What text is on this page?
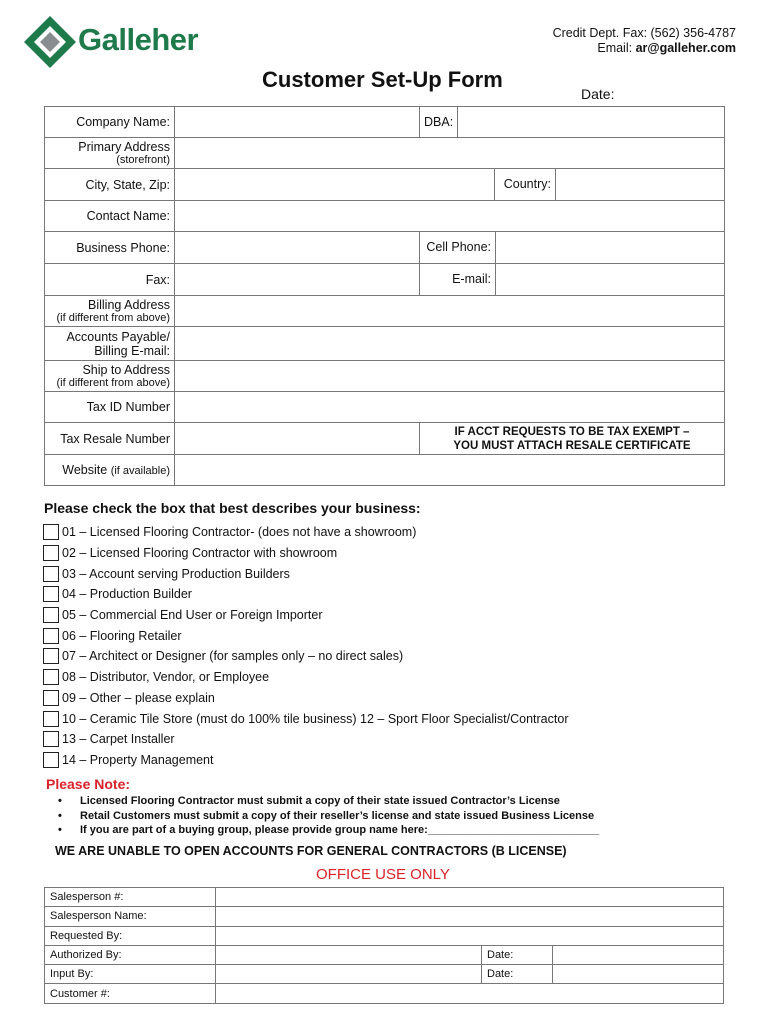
Galleher	Credit Dept. Fax: (562) 356-4787
Email: ar@galleher.com
Customer Set-Up Form
Date:
Company Name:		DBA:	
Primary Address
(storefront)			

City, State, Zip:	Country:		

Contact Name:			
Business Phone:	Cell Phone:		

Fax:	E-mail:		

Billing Address
(if different from above)			

Accounts Payable/
Billing E-mail:			
Ship to Address
(if different from above)			

Tax ID Number			
Tax Resale Number	IF ACCT REQUESTS TO BE TAX EXEMPT –
YOU MUST ATTACH RESALE CERTIFICATE		

Website (if available)			
Please check the box that best describes your business:
01 – Licensed Flooring Contractor- (does not have a showroom)
02 – Licensed Flooring Contractor with showroom
03 – Account serving Production Builders
04 – Production Builder
05 – Commercial End User or Foreign Importer
06 – Flooring Retailer
07 – Architect or Designer (for samples only – no direct sales)
08 – Distributor, Vendor, or Employee
09 – Other – please explain
10 – Ceramic Tile Store (must do 100% tile business) 12 – Sport Floor Specialist/Contractor
13 – Carpet Installer
14 – Property Management
Please Note:
•	Licensed Flooring Contractor must submit a copy of their state issued Contractor’s License
•	Retail Customers must submit a copy of their reseller’s license and state issued Business License
•	If you are part of a buying group, please provide group name here:____________________________
WE ARE UNABLE TO OPEN ACCOUNTS FOR GENERAL CONTRACTORS (B LICENSE)
OFFICE USE ONLY
Salesperson #:			
Salesperson Name:			
Requested By:			
Authorized By:		Date:	
Input By:		Date:	
Customer #:			
